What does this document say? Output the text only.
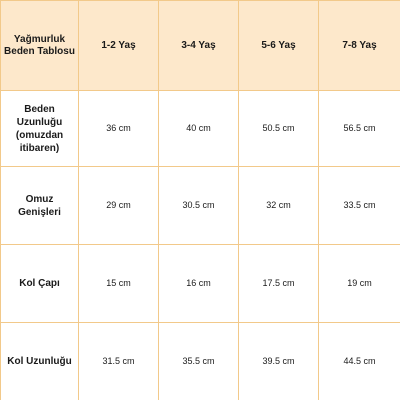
Yağmurluk Beden Tablosu	1-2 Yaş	3-4 Yaş	5-6 Yaş	7-8 Yaş
Beden Uzunluğu (omuzdan itibaren)	36 cm	40 cm	50.5 cm	56.5 cm
Omuz Genişleri	29 cm	30.5 cm	32 cm	33.5 cm
Kol Çapı	15 cm	16 cm	17.5 cm	19 cm
Kol Uzunluğu	31.5 cm	35.5 cm	39.5 cm	44.5 cm
